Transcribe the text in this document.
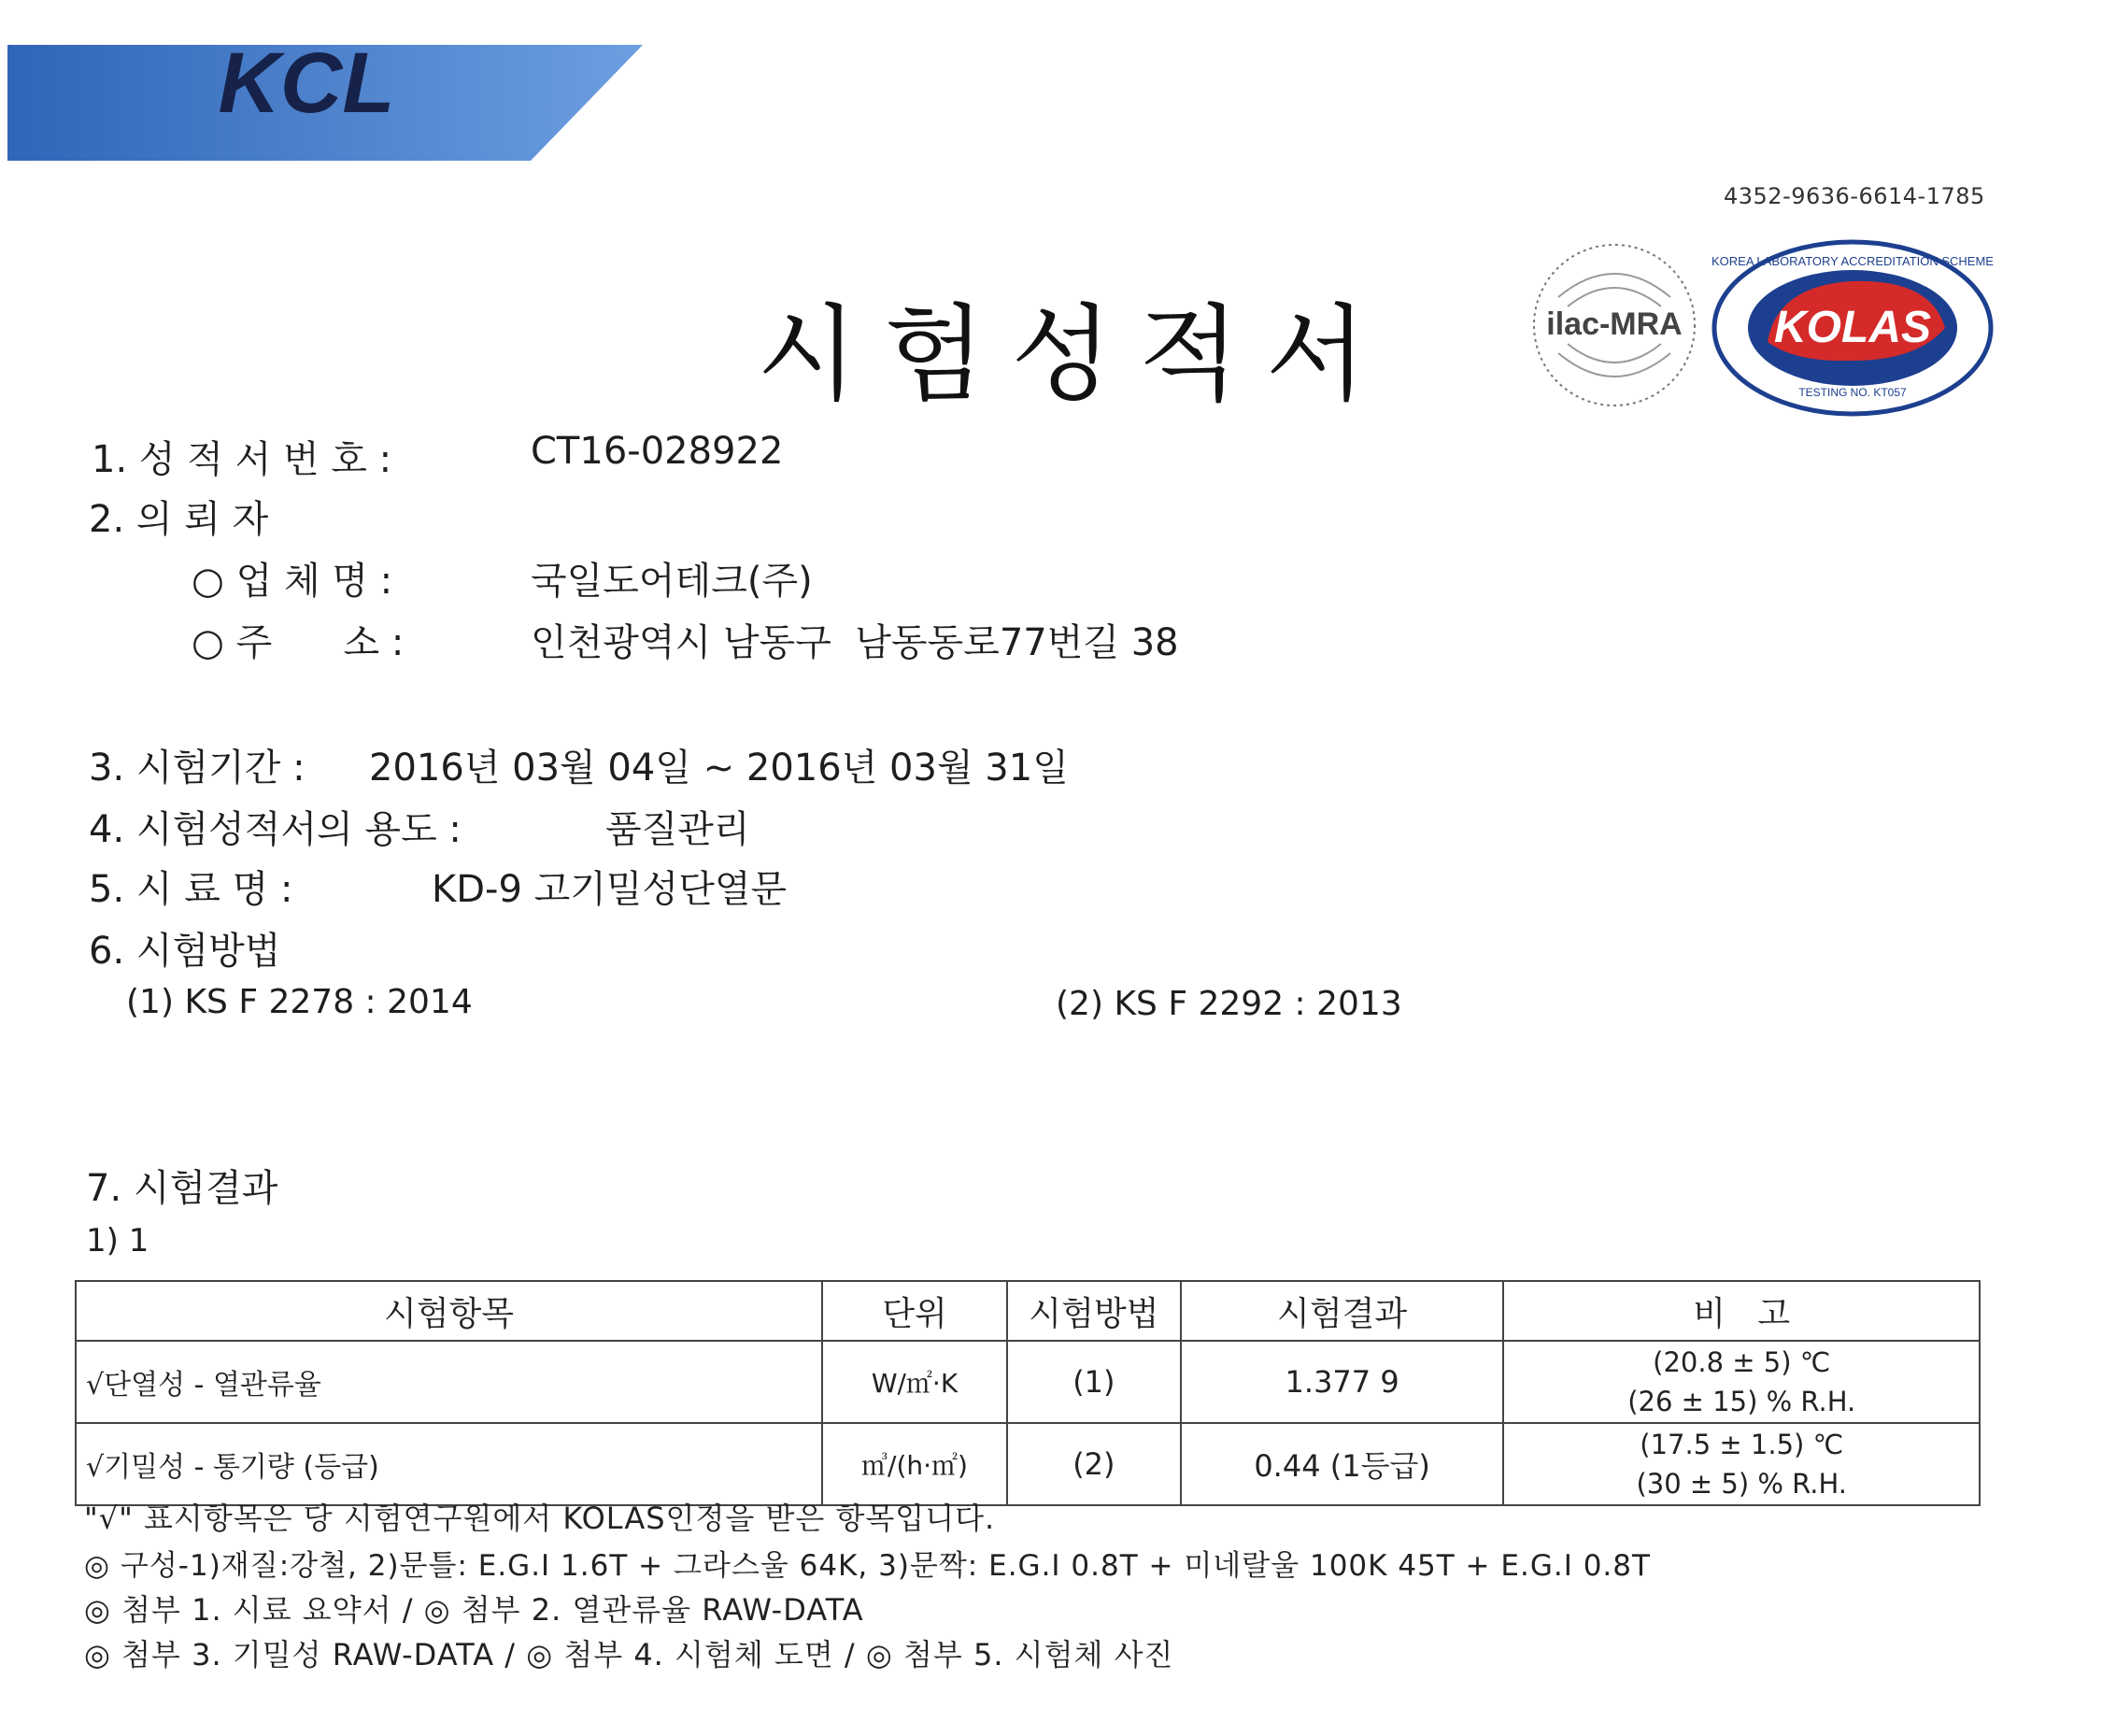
KCL
4352-9636-6614-1785
시험성적서	ilac-MRA KOLAS
TESTING NO. KT057
KOREA LABORATORY ACCREDITATION SCHEME
1. 성 적 서 번 호 :	CT16-028922
2. 의 뢰 자
○ 업 체 명 :	국일도어테크(주)
○ 주      소 :	인천광역시 남동구  남동동로77번길 38
3. 시험기간 : 2016년 03월 04일 ~ 2016년 03월 31일
4. 시험성적서의 용도 :	품질관리
5. 시 료 명 :	KD-9 고기밀성단열문
6. 시험방법
(1) KS F 2278 : 2014	(2) KS F 2292 : 2013
7. 시험결과
1) 1
시험항목	단위	시험방법	시험결과	비   고
√단열성 - 열관류율	W/㎡·K	(1)	1.377 9	(20.8 ± 5) ℃
(26 ± 15) % R.H.

√기밀성 - 통기량 (등급)	㎥/(h·㎡)	(2)	0.44 (1등급)	(17.5 ± 1.5) ℃
(30 ± 5) % R.H.
"√" 표시항목은 당 시험연구원에서 KOLAS인정을 받은 항목입니다.
◎ 구성-1)재질:강철, 2)문틀: E.G.I 1.6T + 그라스울 64K, 3)문짝: E.G.I 0.8T + 미네랄울 100K 45T + E.G.I 0.8T
◎ 첨부 1. 시료 요약서 / ◎ 첨부 2. 열관류율 RAW-DATA
◎ 첨부 3. 기밀성 RAW-DATA / ◎ 첨부 4. 시험체 도면 / ◎ 첨부 5. 시험체 사진
